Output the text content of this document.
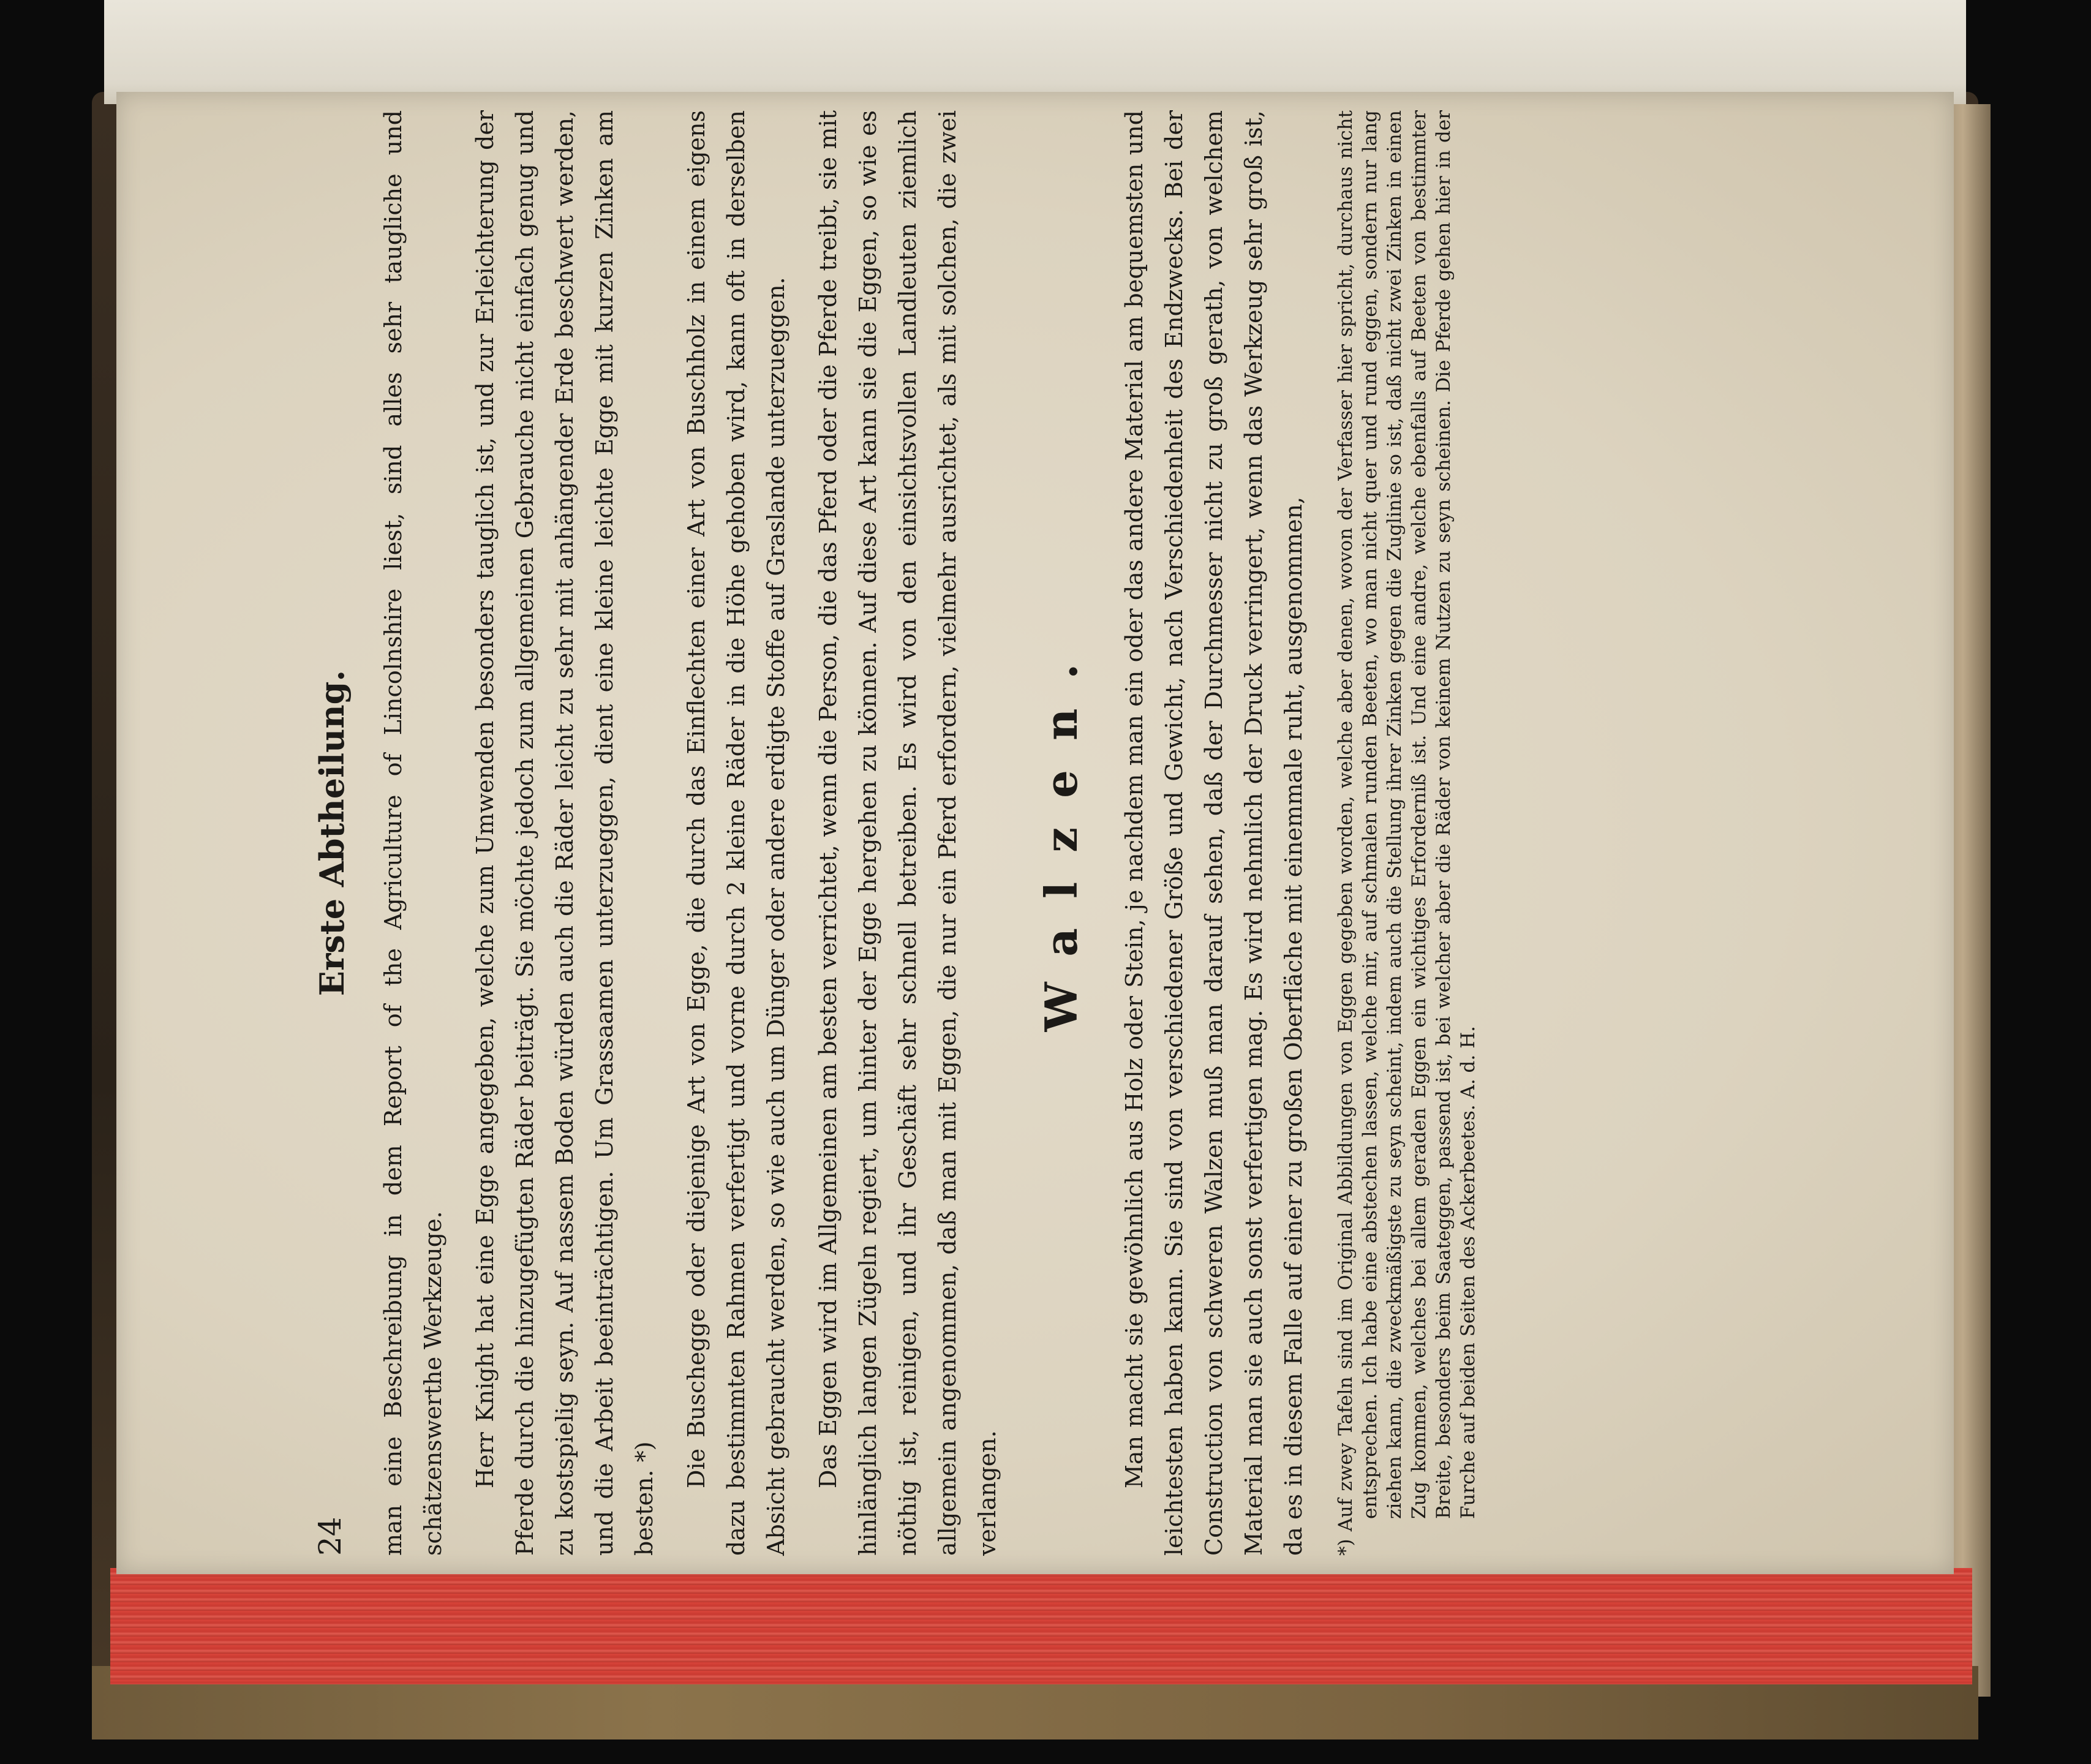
24
Erste Abtheilung. man eine Beschreibung in dem Report of the Agriculture of Lincolnshire liest, sind alles sehr taugliche und schätzenswerthe Werkzeuge. Herr Knight hat eine Egge angegeben, welche zum Umwenden besonders tauglich ist, und zur Erleichterung der Pferde durch die hinzugefügten Räder beiträgt. Sie möchte jedoch zum allgemeinen Gebrauche nicht einfach genug und zu kostspielig seyn. Auf nassem Boden würden auch die Räder leicht zu sehr mit anhängender Erde beschwert werden, und die Arbeit beeinträchtigen. Um Grassaamen unterzueggen, dient eine kleine leichte Egge mit kurzen Zinken am besten. *)

Die Buschegge oder diejenige Art von Egge, die durch das Einflechten einer Art von Buschholz in einem eigens dazu bestimmten Rahmen verfertigt und vorne durch 2 kleine Räder in die Höhe gehoben wird, kann oft in derselben Absicht gebraucht werden, so wie auch um Dünger oder andere erdigte Stoffe auf Graslande unterzueggen. Das Eggen wird im Allgemeinen am besten verrichtet, wenn die Person, die das Pferd oder die Pferde treibt, sie mit hinlänglich langen Zügeln regiert, um hinter der Egge hergehen zu können. Auf diese Art kann sie die Eggen, so wie es nöthig ist, reinigen, und ihr Geschäft sehr schnell betreiben. Es wird von den einsichtsvollen Landleuten ziemlich allgemein angenommen, daß man mit Eggen, die nur ein Pferd erfordern, vielmehr ausrichtet, als mit solchen, die zwei verlangen.

Walzen. Man macht sie gewöhnlich aus Holz oder Stein, je nachdem man ein oder das andere Material am bequemsten und leichtesten haben kann. Sie sind von verschiedener Größe und Gewicht, nach Verschiedenheit des Endzwecks. Bei der Construction von schweren Walzen muß man darauf sehen, daß der Durchmesser nicht zu groß gerath, von welchem Material man sie auch sonst verfertigen mag. Es wird nehmlich der Druck verringert, wenn das Werkzeug sehr groß ist, da es in diesem Falle auf einer zu großen Oberfläche mit einemmale ruht, ausgenommen,	*) Auf zwey Tafeln sind im Original Abbildungen von Eggen gegeben worden, welche aber denen, wovon der Verfasser hier spricht, durchaus nicht entsprechen. Ich habe eine abstechen lassen, welche mir, auf schmalen runden Beeten, wo man nicht quer und rund eggen, sondern nur lang ziehen kann, die zweckmäßigste zu seyn scheint, indem auch die Stellung ihrer Zinken gegen die Zuglinie so ist, daß nicht zwei Zinken in einen Zug kommen, welches bei allem geraden Eggen ein wichtiges Erforderniß ist. Und eine andre, welche ebenfalls auf Beeten von bestimmter Breite, besonders beim Saateggen, passend ist, bei welcher aber die Räder von keinem Nutzen zu seyn scheinen. Die Pferde gehen hier in der Furche auf beiden Seiten des Ackerbeetes. A. d. H.
